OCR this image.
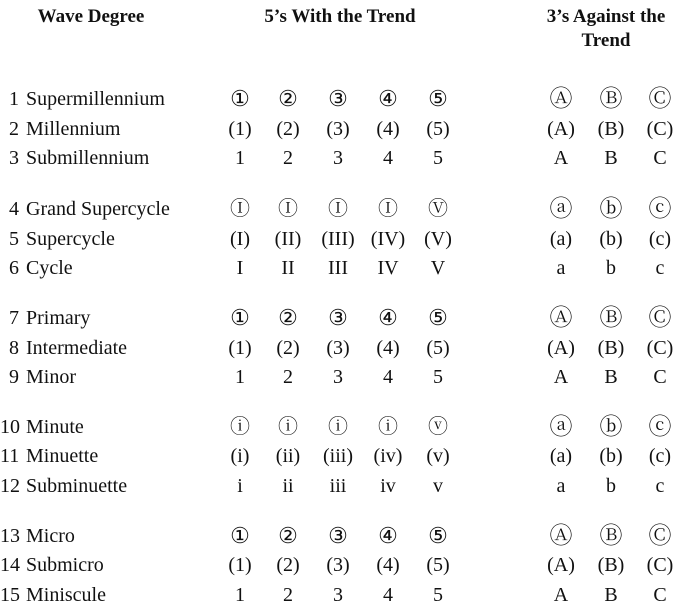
Wave Degree	5’s With the Trend	3’s Against the Trend
1 Supermillennium	①	②	③	④	⑤	Ⓐ	Ⓑ	Ⓒ
2 Millennium	(1)	(2)	(3)	(4)	(5)	(A)	(B)	(C)
3 Submillennium	1	2	3	4	5	A	B	C
4 Grand Supercycle	Ⓘ	Ⓘ	Ⓘ	Ⓘ	Ⓥ	ⓐ	ⓑ	ⓒ
5 Supercycle	(I)	(II)	(III) (IV) (V)	(a)	(b)	(c)
6 Cycle	I	II	III	IV	V	a	b	c
7 Primary	①	②	③	④	⑤	Ⓐ	Ⓑ	Ⓒ
8 Intermediate	(1)	(2)	(3)	(4)	(5)	(A)	(B)	(C)
9 Minor	1	2	3	4	5	A	B	C
10 Minute	ⓘ	ⓘ	ⓘ	ⓘ	ⓥ	ⓐ	ⓑ	ⓒ
11 Minuette	(i)	(ii)	(iii)	(iv)	(v)	(a)	(b)	(c)
12 Subminuette	i	ii	iii	iv	v	a	b	c
13 Micro	①	②	③	④	⑤	Ⓐ	Ⓑ	Ⓒ
14 Submicro	(1)	(2)	(3)	(4)	(5)	(A)	(B)	(C)
15 Miniscule	1	2	3	4	5	A	B	C
